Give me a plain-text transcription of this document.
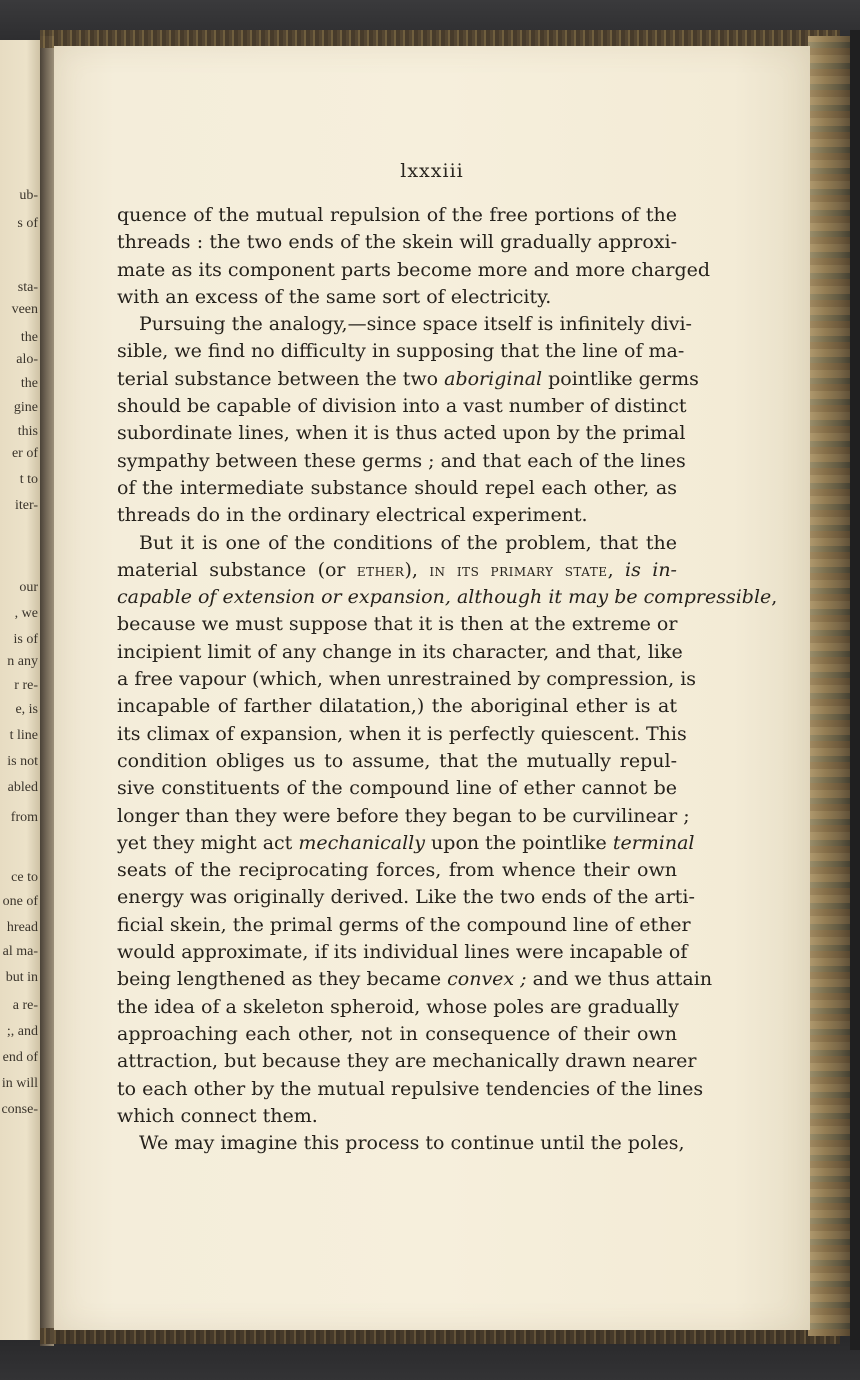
ub-
s of
sta-
veen
the
alo-
the
gine
this
er of
t to
iter-
our
, we
is of
n any
r re-
e, is
t line
is not
abled
from
ce to
one of
hread
al ma-
but in
a re-
;, and
end of
in will
conse-
lxxxiii
quence of the mutual repulsion of the free portions of the
threads : the two ends of the skein will gradually approxi-
mate as its component parts become more and more charged
with an excess of the same sort of electricity.
Pursuing the analogy,—since space itself is infinitely divi-
sible, we find no difficulty in supposing that the line of ma-
terial substance between the two aboriginal pointlike germs
should be capable of division into a vast number of distinct
subordinate lines, when it is thus acted upon by the primal
sympathy between these germs ; and that each of the lines
of the intermediate substance should repel each other, as
threads do in the ordinary electrical experiment.
But it is one of the conditions of the problem, that the
material substance (or ether), in its primary state, is in-
capable of extension or expansion, although it may be compressible,
because we must suppose that it is then at the extreme or
incipient limit of any change in its character, and that, like
a free vapour (which, when unrestrained by compression, is
incapable of farther dilatation,) the aboriginal ether is at
its climax of expansion, when it is perfectly quiescent. This
condition obliges us to assume, that the mutually repul-
sive constituents of the compound line of ether cannot be
longer than they were before they began to be curvilinear ;
yet they might act mechanically upon the pointlike terminal
seats of the reciprocating forces, from whence their own
energy was originally derived. Like the two ends of the arti-
ficial skein, the primal germs of the compound line of ether
would approximate, if its individual lines were incapable of
being lengthened as they became convex ; and we thus attain
the idea of a skeleton spheroid, whose poles are gradually
approaching each other, not in consequence of their own
attraction, but because they are mechanically drawn nearer
to each other by the mutual repulsive tendencies of the lines
which connect them.
We may imagine this process to continue until the poles,
